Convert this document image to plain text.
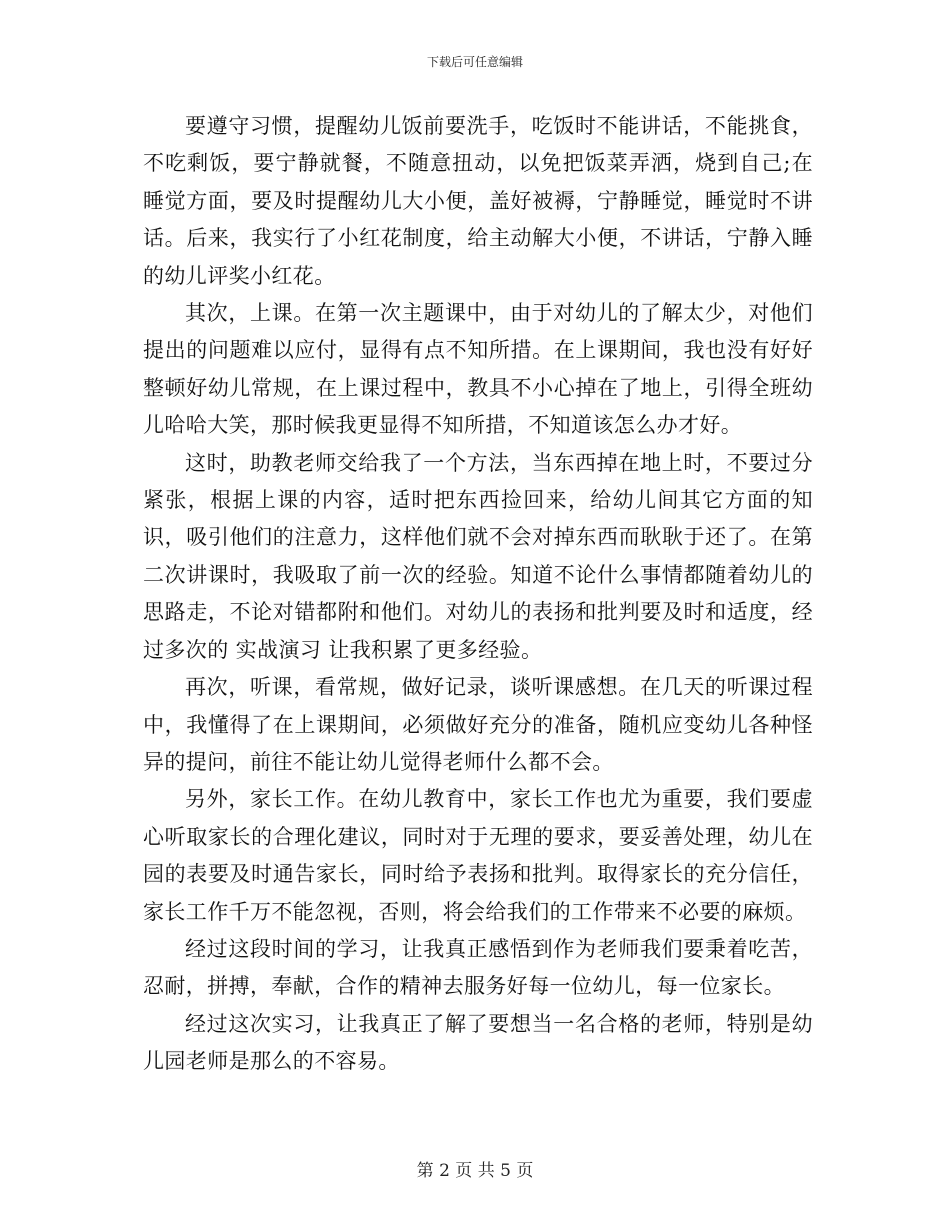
下载后可任意编辑

要遵守习惯，提醒幼儿饭前要洗手，吃饭时不能讲话，不能挑食，不吃剩饭，要宁静就餐，不随意扭动，以免把饭菜弄洒，烧到自己;在睡觉方面，要及时提醒幼儿大小便，盖好被褥，宁静睡觉，睡觉时不讲话。后来，我实行了小红花制度，给主动解大小便，不讲话，宁静入睡的幼儿评奖小红花。

其次，上课。在第一次主题课中，由于对幼儿的了解太少，对他们提出的问题难以应付，显得有点不知所措。在上课期间，我也没有好好整顿好幼儿常规，在上课过程中，教具不小心掉在了地上，引得全班幼儿哈哈大笑，那时候我更显得不知所措，不知道该怎么办才好。

这时，助教老师交给我了一个方法，当东西掉在地上时，不要过分紧张，根据上课的内容，适时把东西捡回来，给幼儿间其它方面的知识，吸引他们的注意力，这样他们就不会对掉东西而耿耿于还了。在第二次讲课时，我吸取了前一次的经验。知道不论什么事情都随着幼儿的思路走，不论对错都附和他们。对幼儿的表扬和批判要及时和适度，经过多次的 实战演习 让我积累了更多经验。

再次，听课，看常规，做好记录，谈听课感想。在几天的听课过程中，我懂得了在上课期间，必须做好充分的准备，随机应变幼儿各种怪异的提问，前往不能让幼儿觉得老师什么都不会。

另外，家长工作。在幼儿教育中，家长工作也尤为重要，我们要虚心听取家长的合理化建议，同时对于无理的要求，要妥善处理，幼儿在园的表要及时通告家长，同时给予表扬和批判。取得家长的充分信任，家长工作千万不能忽视，否则，将会给我们的工作带来不必要的麻烦。

经过这段时间的学习，让我真正感悟到作为老师我们要秉着吃苦，忍耐，拼搏，奉献，合作的精神去服务好每一位幼儿，每一位家长。

经过这次实习，让我真正了解了要想当一名合格的老师，特别是幼儿园老师是那么的不容易。

第 2 页 共 5 页
